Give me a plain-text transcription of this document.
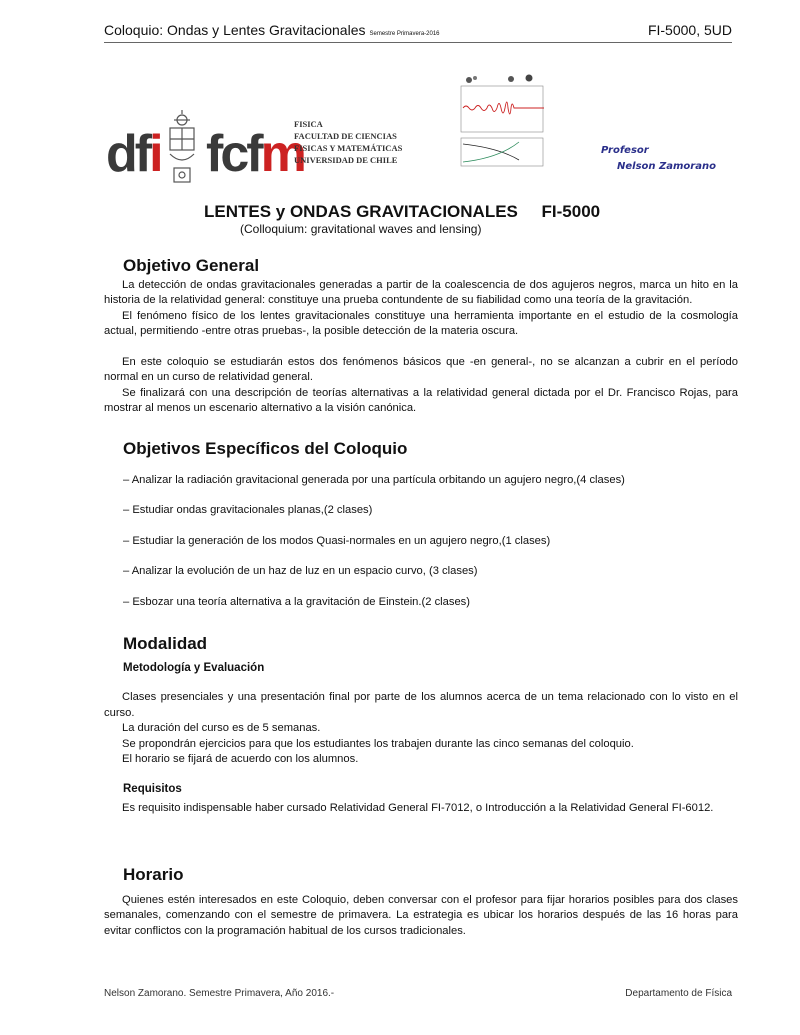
Coloquio: Ondas y Lentes Gravitacionales Semestre Primavera-2016	FI-5000, 5UD
dfi fcfm
FISICA
FACULTAD DE CIENCIAS
FISICAS Y MATEMÁTICAS
UNIVERSIDAD DE CHILE
Profesor
Nelson Zamorano
LENTES y ONDAS GRAVITACIONALES     FI-5000
(Colloquium: gravitational waves and lensing)
Objetivo General

La detección de ondas gravitacionales generadas a partir de la coalescencia de dos agujeros negros, marca un hito en la historia de la relatividad general: constituye una prueba contundente de su fiabilidad como una teoría de la gravitación.

El fenómeno físico de los lentes gravitacionales constituye una herramienta importante en el estudio de la cosmología actual, permitiendo -entre otras pruebas-, la posible detección de la materia oscura.

En este coloquio se estudiarán estos dos fenómenos básicos que -en general-, no se alcanzan a cubrir en el período normal en un curso de relatividad general.

Se finalizará con una descripción de teorías alternativas a la relatividad general dictada por el Dr. Francisco Rojas, para mostrar al menos un escenario alternativo a la visión canónica.

Objetivos Específicos del Coloquio
– Analizar la radiación gravitacional generada por una partícula orbitando un agujero negro,(4 clases)
– Estudiar ondas gravitacionales planas,(2 clases)
– Estudiar la generación de los modos Quasi-normales en un agujero negro,(1 clases)
– Analizar la evolución de un haz de luz en un espacio curvo, (3 clases)
– Esbozar una teoría alternativa a la gravitación de Einstein.(2 clases)
Modalidad
Metodología y Evaluación

Clases presenciales y una presentación final por parte de los alumnos acerca de un tema relacionado con lo visto en el curso.

La duración del curso es de 5 semanas.

Se propondrán ejercicios para que los estudiantes los trabajen durante las cinco semanas del coloquio.

El horario se fijará de acuerdo con los alumnos.

Requisitos

Es requisito indispensable haber cursado Relatividad General FI-7012, o Introducción a la Relatividad General FI-6012.

Horario

Quienes estén interesados en este Coloquio, deben conversar con el profesor para fijar horarios posibles para dos clases semanales, comenzando con el semestre de primavera. La estrategia es ubicar los horarios después de las 16 horas para evitar conflictos con la programación habitual de los cursos tradicionales.

Nelson Zamorano. Semestre Primavera, Año 2016.-	Departamento de Física
